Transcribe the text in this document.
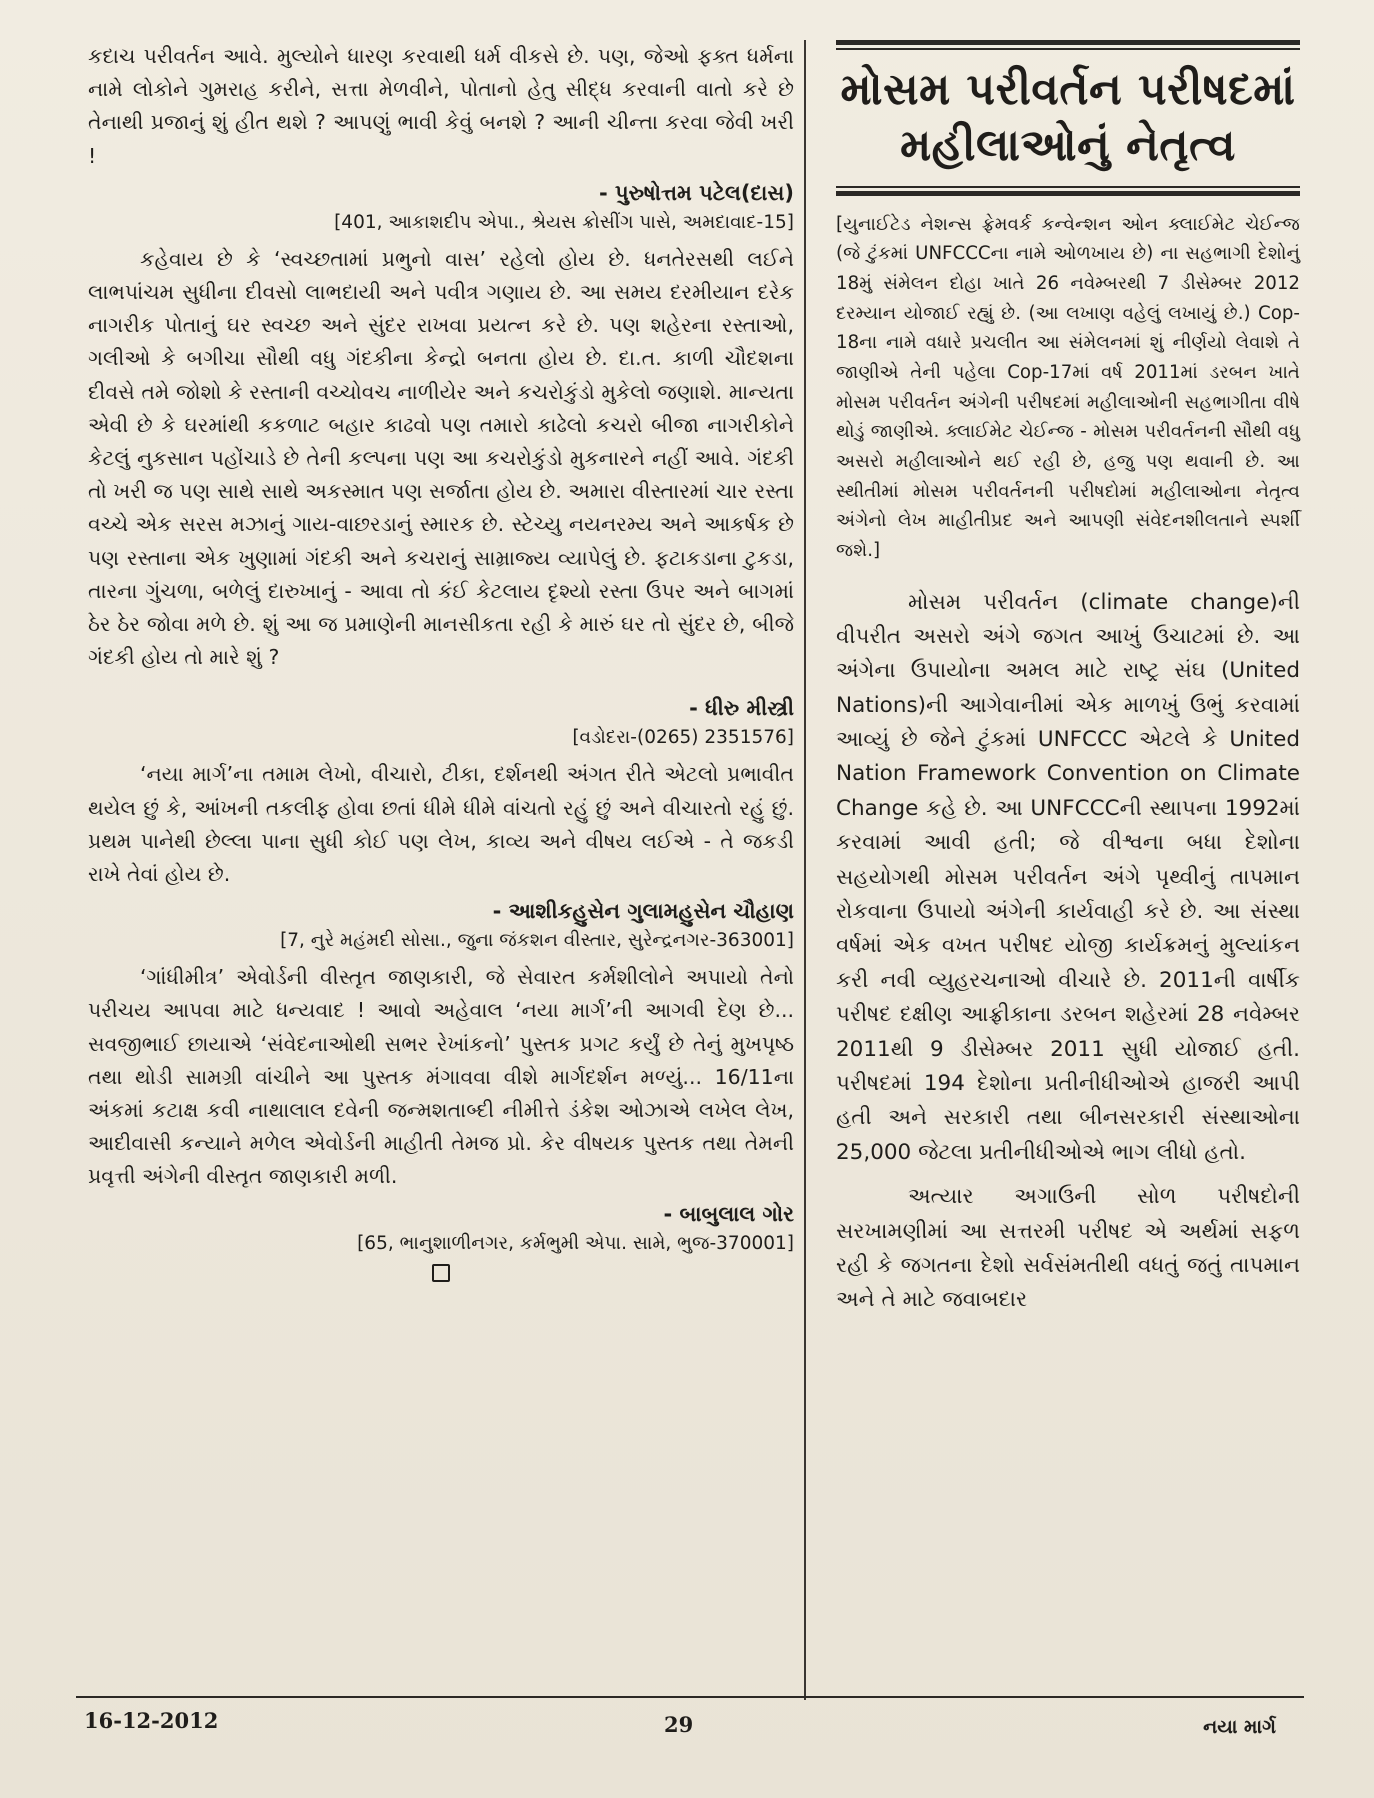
કદાચ પરીવર્તન આવે. મુલ્યોને ધારણ કરવાથી ધર્મ વીકસે છે. પણ, જેઓ ફક્ત ધર્મના નામે લોકોને ગુમરાહ કરીને, સત્તા મેળવીને, પોતાનો હેતુ સીદ્ધ કરવાની વાતો કરે છે તેનાથી પ્રજાનું શું હીત થશે ? આપણું ભાવી કેવું બનશે ? આની ચીન્તા કરવા જેવી ખરી !

- પુરુષોત્તમ પટેલ(દાસ)
[401, આકાશદીપ એપા., શ્રેયસ ક્રોસીંગ પાસે, અમદાવાદ-15]

કહેવાય છે કે ‘સ્વચ્છતામાં પ્રભુનો વાસ’ રહેલો હોય છે. ધનતેરસથી લઈને લાભપાંચમ સુધીના દીવસો લાભદાયી અને પવીત્ર ગણાય છે. આ સમય દરમીયાન દરેક નાગરીક પોતાનું ઘર સ્વચ્છ અને સુંદર રાખવા પ્રયત્ન કરે છે. પણ શહેરના રસ્તાઓ, ગલીઓ કે બગીચા સૌથી વધુ ગંદકીના કેન્દ્રો બનતા હોય છે. દા.ત. કાળી ચૌદશના દીવસે તમે જોશો કે રસ્તાની વચ્ચોવચ નાળીયેર અને કચરોકુંડો મુકેલો જણાશે. માન્યતા એવી છે કે ઘરમાંથી કકળાટ બહાર કાઢવો પણ તમારો કાઢેલો કચરો બીજા નાગરીકોને કેટલું નુકસાન પહોંચાડે છે તેની કલ્પના પણ આ કચરોકુંડો મુકનારને નહીં આવે. ગંદકી તો ખરી જ પણ સાથે સાથે અકસ્માત પણ સર્જાતા હોય છે. અમારા વીસ્તારમાં ચાર રસ્તા વચ્ચે એક સરસ મઝાનું ગાય-વાછરડાનું સ્મારક છે. સ્ટેચ્યુ નયનરમ્ય અને આકર્ષક છે પણ રસ્તાના એક ખુણામાં ગંદકી અને કચરાનું સામ્રાજ્ય વ્યાપેલું છે. ફટાકડાના ટુકડા, તારના ગુંચળા, બળેલું દારુખાનું - આવા તો કંઈ કેટલાય દૃશ્યો રસ્તા ઉપર અને બાગમાં ઠેર ઠેર જોવા મળે છે. શું આ જ પ્રમાણેની માનસીકતા રહી કે મારું ઘર તો સુંદર છે, બીજે ગંદકી હોય તો મારે શું ?

- ધીરુ મીસ્ત્રી
[વડોદરા-(0265) 2351576]

‘નયા માર્ગ’ના તમામ લેખો, વીચારો, ટીકા, દર્શનથી અંગત રીતે એટલો પ્રભાવીત થયેલ છું કે, આંખની તકલીફ હોવા છતાં ધીમે ધીમે વાંચતો રહું છું અને વીચારતો રહું છું. પ્રથમ પાનેથી છેલ્લા પાના સુધી કોઈ પણ લેખ, કાવ્ય અને વીષય લઈએ - તે જકડી રાખે તેવાં હોય છે.

- આશીકહુસેન ગુલામહુસેન ચૌહાણ
[7, નુરે મહંમદી સોસા., જુના જંકશન વીસ્તાર, સુરેન્દ્રનગર-363001]

‘ગાંધીમીત્ર’ એવોર્ડની વીસ્તૃત જાણકારી, જે સેવારત કર્મશીલોને અપાયો તેનો પરીચય આપવા માટે ધન્યવાદ ! આવો અહેવાલ ‘નયા માર્ગ’ની આગવી દેણ છે... સવજીભાઈ છાયાએ ‘સંવેદનાઓથી સભર રેખાંકનો’ પુસ્તક પ્રગટ કર્યું છે તેનું મુખપૃષ્ઠ તથા થોડી સામગ્રી વાંચીને આ પુસ્તક મંગાવવા વીશે માર્ગદર્શન મળ્યું... 16/11ના અંકમાં કટાક્ષ કવી નાથાલાલ દવેની જન્મશતાબ્દી નીમીત્તે ડંકેશ ઓઝાએ લખેલ લેખ, આદીવાસી કન્યાને મળેલ એવોર્ડની માહીતી તેમજ પ્રો. કેર વીષયક પુસ્તક તથા તેમની પ્રવૃત્તી અંગેની વીસ્તૃત જાણકારી મળી.

- બાબુલાલ ગોર
[65, ભાનુશાળીનગર, કર્મભુમી એપા. સામે, ભુજ-370001]
મોસમ પરીવર્તન પરીષદમાં
મહીલાઓનું નેતૃત્વ

[યુનાઈટેડ નેશન્સ ફ્રેમવર્ક કન્વેન્શન ઓન ક્લાઈમેટ ચેઈન્જ (જે ટુંકમાં UNFCCCના નામે ઓળખાય છે) ના સહભાગી દેશોનું 18મું સંમેલન દોહા ખાતે 26 નવેમ્બરથી 7 ડીસેમ્બર 2012 દરમ્યાન યોજાઈ રહ્યું છે. (આ લખાણ વહેલું લખાયું છે.) Cop-18ના નામે વધારે પ્રચલીત આ સંમેલનમાં શું નીર્ણયો લેવાશે તે જાણીએ તેની પહેલા Cop-17માં વર્ષ 2011માં ડરબન ખાતે મોસમ પરીવર્તન અંગેની પરીષદમાં મહીલાઓની સહભાગીતા વીષે થોડું જાણીએ. ક્લાઈમેટ ચેઈન્જ - મોસમ પરીવર્તનની સૌથી વધુ અસરો મહીલાઓને થઈ રહી છે, હજુ પણ થવાની છે. આ સ્થીતીમાં મોસમ પરીવર્તનની પરીષદોમાં મહીલાઓના નેતૃત્વ અંગેનો લેખ માહીતીપ્રદ અને આપણી સંવેદનશીલતાને સ્પર્શી જશે.]

મોસમ પરીવર્તન (climate change)ની વીપરીત અસરો અંગે જગત આખું ઉચાટમાં છે. આ અંગેના ઉપાયોના અમલ માટે રાષ્ટ્ર સંઘ (United Nations)ની આગેવાનીમાં એક માળખું ઉભું કરવામાં આવ્યું છે જેને ટુંકમાં UNFCCC એટલે કે United Nation Framework Convention on Climate Change કહે છે. આ UNFCCCની સ્થાપના 1992માં કરવામાં આવી હતી; જે વીશ્વના બધા દેશોના સહયોગથી મોસમ પરીવર્તન અંગે પૃથ્વીનું તાપમાન રોકવાના ઉપાયો અંગેની કાર્યવાહી કરે છે. આ સંસ્થા વર્ષમાં એક વખત પરીષદ યોજી કાર્યક્રમનું મુલ્યાંકન કરી નવી વ્યુહરચનાઓ વીચારે છે. 2011ની વાર્ષીક પરીષદ દક્ષીણ આફ્રીકાના ડરબન શહેરમાં 28 નવેમ્બર 2011થી 9 ડીસેમ્બર 2011 સુધી યોજાઈ હતી. પરીષદમાં 194 દેશોના પ્રતીનીધીઓએ હાજરી આપી હતી અને સરકારી તથા બીનસરકારી સંસ્થાઓના 25,000 જેટલા પ્રતીનીધીઓએ ભાગ લીધો હતો.

અત્યાર અગાઉની સોળ પરીષદોની સરખામણીમાં આ સત્તરમી પરીષદ એ અર્થમાં સફળ રહી કે જગતના દેશો સર્વસંમતીથી વધતું જતું તાપમાન અને તે માટે જવાબદાર

16-12-2012	29	નયા માર્ગ
